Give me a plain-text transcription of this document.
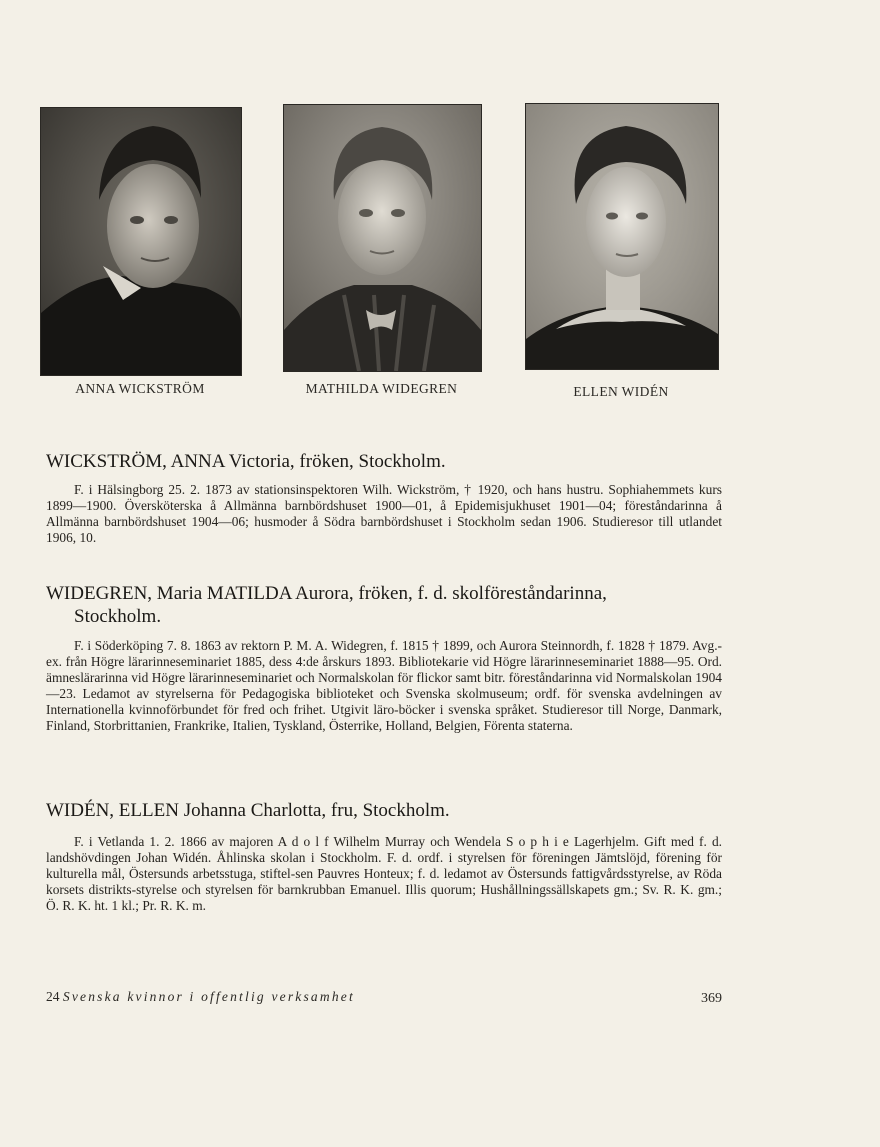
ANNA WICKSTRÖM	MATHILDA WIDEGREN	ELLEN WIDÉN
WICKSTRÖM, ANNA Victoria, fröken, Stockholm.

F. i Hälsingborg 25. 2. 1873 av stationsinspektoren Wilh. Wickström, † 1920, och hans hustru. Sophiahemmets kurs 1899—1900. Översköterska å Allmänna barnbördshuset 1900—01, å Epidemisjukhuset 1901—04; föreståndarinna å Allmänna barnbördshuset 1904—06; husmoder å Södra barnbördshuset i Stockholm sedan 1906. Studieresor till utlandet 1906, 10.

WIDEGREN, Maria MATILDA Aurora, fröken, f. d. skolföreståndarinna,
Stockholm.

F. i Söderköping 7. 8. 1863 av rektorn P. M. A. Widegren, f. 1815 † 1899, och Aurora Steinnordh, f. 1828 † 1879. Avg.-ex. från Högre lärarinneseminariet 1885, dess 4:de årskurs 1893. Bibliotekarie vid Högre lärarinneseminariet 1888—95. Ord. ämneslärarinna vid Högre lärarinneseminariet och Normalskolan för flickor samt bitr. föreståndarinna vid Normalskolan 1904—23. Ledamot av styrelserna för Pedagogiska biblioteket och Svenska skolmuseum; ordf. för svenska avdelningen av Internationella kvinnoförbundet för fred och frihet. Utgivit läro-böcker i svenska språket. Studieresor till Norge, Danmark, Finland, Storbrittanien, Frankrike, Italien, Tyskland, Österrike, Holland, Belgien, Förenta staterna.

WIDÉN, ELLEN Johanna Charlotta, fru, Stockholm.

F. i Vetlanda 1. 2. 1866 av majoren A d o l f Wilhelm Murray och Wendela S o p h i e Lagerhjelm. Gift med f. d. landshövdingen Johan Widén. Åhlinska skolan i Stockholm. F. d. ordf. i styrelsen för föreningen Jämtslöjd, förening för kulturella mål, Östersunds arbetsstuga, stiftel-sen Pauvres Honteux; f. d. ledamot av Östersunds fattigvårdsstyrelse, av Röda korsets distrikts-styrelse och styrelsen för barnkrubban Emanuel. Illis quorum; Hushållningssällskapets gm.; Sv. R. K. gm.; Ö. R. K. ht. 1 kl.; Pr. R. K. m.

24 Svenska kvinnor i offentlig verksamhet	369
